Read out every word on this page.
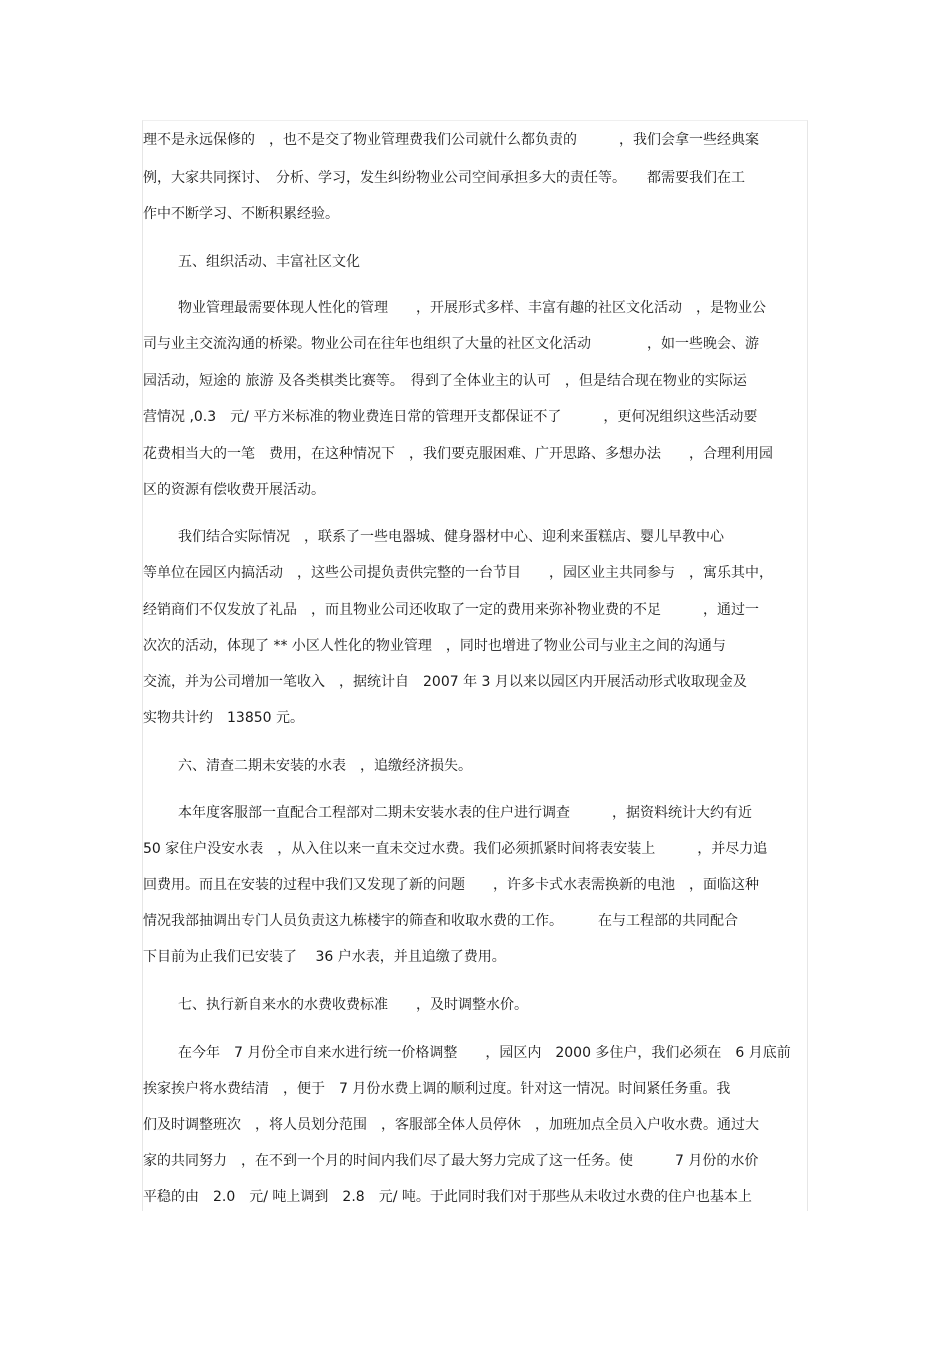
理不是永远保修的　，也不是交了物业管理费我们公司就什么都负责的　　　，我们会拿一些经典案
例，大家共同探讨、　分析、学习，发生纠纷物业公司空间承担多大的责任等。　　都需要我们在工
作中不断学习、不断积累经验。
五、组织活动、丰富社区文化
物业管理最需要体现人性化的管理　　，开展形式多样、丰富有趣的社区文化活动　，是物业公
司与业主交流沟通的桥梁。物业公司在往年也组织了大量的社区文化活动　　　　，如一些晚会、游
园活动，短途的 旅游 及各类棋类比赛等。　得到了全体业主的认可　，但是结合现在物业的实际运
营情况 ,0.3　元/ 平方米标准的物业费连日常的管理开支都保证不了　　　，更何况组织这些活动要
花费相当大的一笔　费用，在这种情况下　，我们要克服困难、广开思路、多想办法　　，合理利用园
区的资源有偿收费开展活动。
我们结合实际情况　，联系了一些电器城、健身器材中心、迎利来蛋糕店、婴儿早教中心
等单位在园区内搞活动　，这些公司提负责供完整的一台节目　　，园区业主共同参与　，寓乐其中，
经销商们不仅发放了礼品　，而且物业公司还收取了一定的费用来弥补物业费的不足　　　，通过一
次次的活动，体现了 ** 小区人性化的物业管理　，同时也增进了物业公司与业主之间的沟通与
交流，并为公司增加一笔收入　，据统计自　2007 年 3 月以来以园区内开展活动形式收取现金及
实物共计约　13850 元。
六、清查二期未安装的水表　，追缴经济损失。
本年度客服部一直配合工程部对二期未安装水表的住户进行调查　　　，据资料统计大约有近
50 家住户没安水表　，从入住以来一直未交过水费。我们必须抓紧时间将表安装上　　　，并尽力追
回费用。而且在安装的过程中我们又发现了新的问题　　，许多卡式水表需换新的电池　，面临这种
情况我部抽调出专门人员负责这九栋楼宇的筛查和收取水费的工作。　　　在与工程部的共同配合
下目前为止我们已安装了　 36 户水表，并且追缴了费用。
七、执行新自来水的水费收费标准　　，及时调整水价。
在今年　7 月份全市自来水进行统一价格调整　　，园区内　2000 多住户，我们必须在　6 月底前
挨家挨户将水费结清　，便于　7 月份水费上调的顺利过度。针对这一情况。时间紧任务重。我
们及时调整班次　，将人员划分范围　，客服部全体人员停休　，加班加点全员入户收水费。通过大
家的共同努力　，在不到一个月的时间内我们尽了最大努力完成了这一任务。使　　　7 月份的水价
平稳的由　2.0　元/ 吨上调到　2.8　元/ 吨。于此同时我们对于那些从未收过水费的住户也基本上
